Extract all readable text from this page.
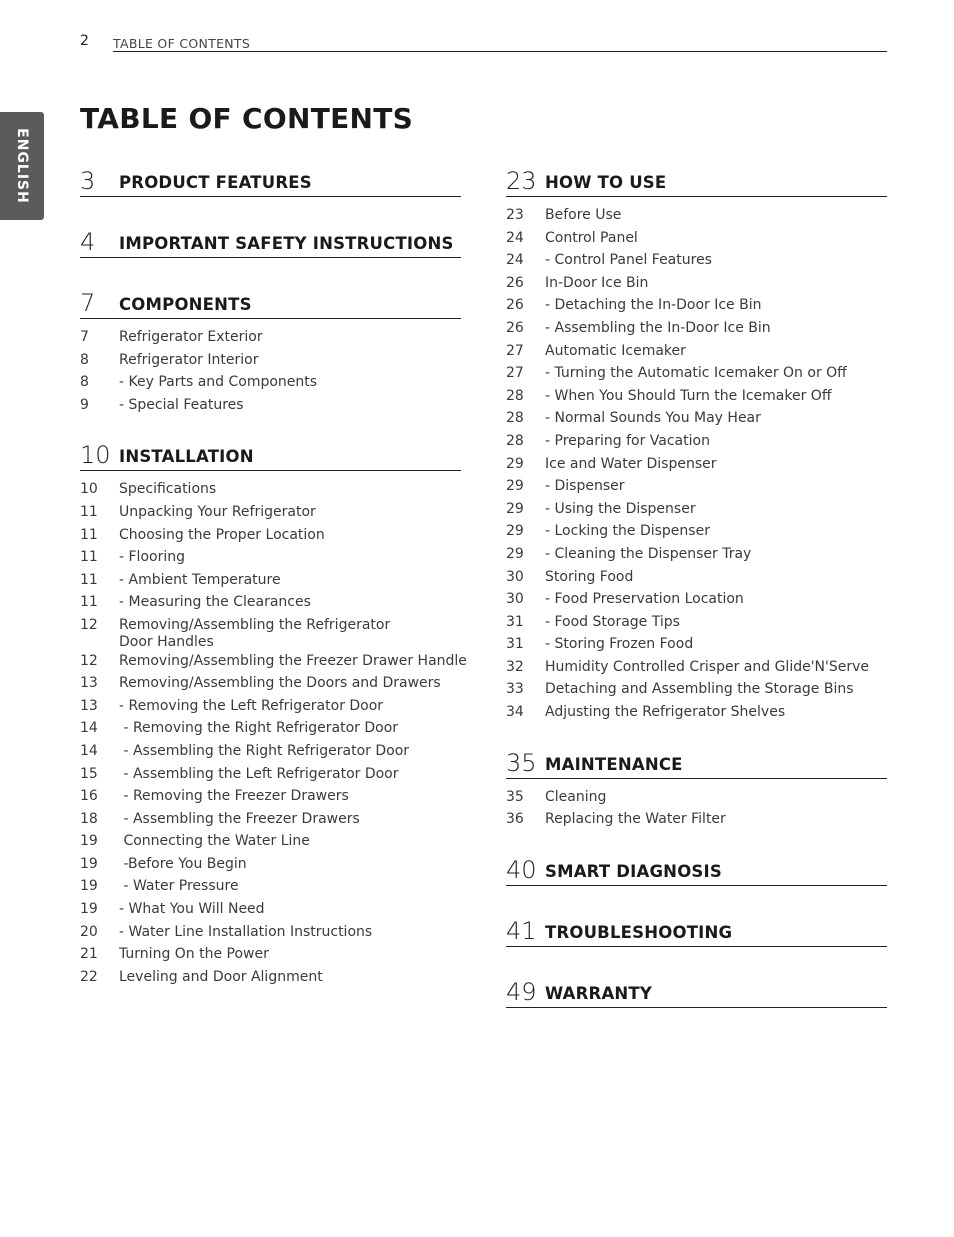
2 TABLE OF CONTENTS
ENGLISH
TABLE OF CONTENTS
3 PRODUCT FEATURES
4 IMPORTANT SAFETY INSTRUCTIONS
7 COMPONENTS
7 Refrigerator Exterior
8 Refrigerator Interior
8 - Key Parts and Components
9 - Special Features
10 INSTALLATION
10 Specifications
11 Unpacking Your Refrigerator
11 Choosing the Proper Location
11 - Flooring
11 - Ambient Temperature
11 - Measuring the Clearances
12 Removing/Assembling the Refrigerator
Door Handles
12 Removing/Assembling the Freezer Drawer Handle
13 Removing/Assembling the Doors and Drawers
13 - Removing the Left Refrigerator Door
14 - Removing the Right Refrigerator Door
14 - Assembling the Right Refrigerator Door
15 - Assembling the Left Refrigerator Door
16 - Removing the Freezer Drawers
18 - Assembling the Freezer Drawers
19 Connecting the Water Line
19 -Before You Begin
19 - Water Pressure
19 - What You Will Need
20 - Water Line Installation Instructions
21 Turning On the Power
22 Leveling and Door Alignment
23 HOW TO USE
23 Before Use
24 Control Panel
24 - Control Panel Features
26 In-Door Ice Bin
26 - Detaching the In-Door Ice Bin
26 - Assembling the In-Door Ice Bin
27 Automatic Icemaker
27 - Turning the Automatic Icemaker On or Off
28 - When You Should Turn the Icemaker Off
28 - Normal Sounds You May Hear
28 - Preparing for Vacation
29 Ice and Water Dispenser
29 - Dispenser
29 - Using the Dispenser
29 - Locking the Dispenser
29 - Cleaning the Dispenser Tray
30 Storing Food
30 - Food Preservation Location
31 - Food Storage Tips
31 - Storing Frozen Food
32 Humidity Controlled Crisper and Glide'N'Serve
33 Detaching and Assembling the Storage Bins
34 Adjusting the Refrigerator Shelves
35 MAINTENANCE
35 Cleaning
36 Replacing the Water Filter
40 SMART DIAGNOSIS
41 TROUBLESHOOTING
49 WARRANTY
